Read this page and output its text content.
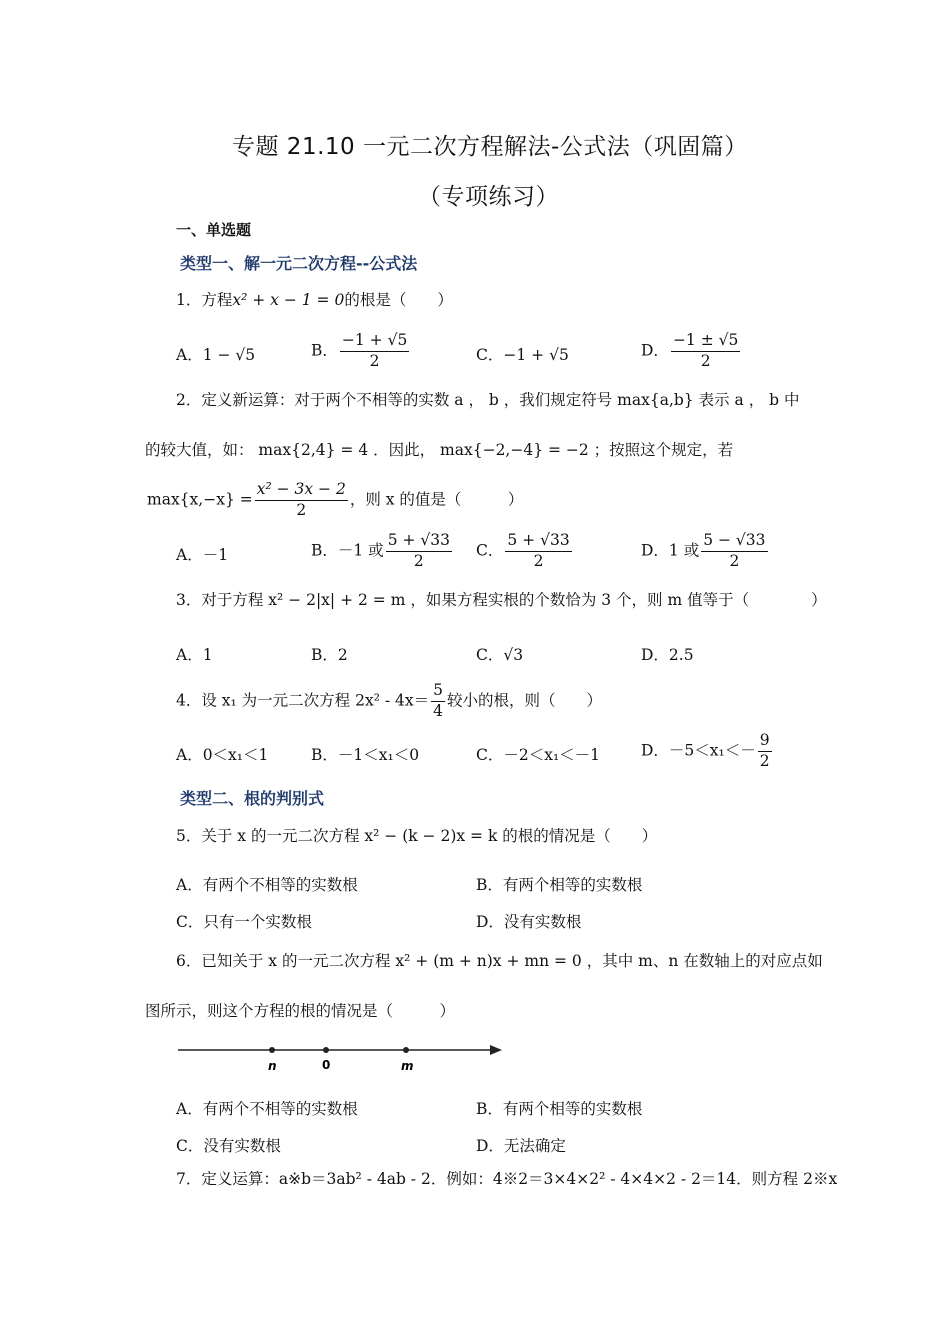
专题 21.10 一元二次方程解法-公式法（巩固篇）
（专项练习）
一、单选题
类型一、解一元二次方程--公式法
1．方程x² + x − 1 = 0的根是（　　）
A．1 − √5	B． $\frac{-1 + √5}{2}$	C．−1 + √5	D． $\frac{-1 \pm √5}{2}$
2．定义新运算：对于两个不相等的实数 a ， b ，我们规定符号 max{a,b} 表示 a ， b 中
的较大值，如： max{2,4} = 4 ．因此， max{−2,−4} = −2 ；按照这个规定，若
$\max\{x,-x\} = \frac{\text{x² − 3x − 2}}{2}$ ，则 x 的值是（　　　）
A．－1	B．－1 或 $\frac{5 + √33}{2}$ C． $\frac{5 + √33}{2}$	D．1 或 $\frac{5 - √33}{2}$
3．对于方程 x² − 2|x| + 2 = m ，如果方程实根的个数恰为 3 个，则 m 值等于（　　　　）
A．1	B．2	C．√3	D．2.5
4．设 x₁ 为一元二次方程 2x² ‑ $4x= \frac{5}{4}$ 较小的根，则（　　）
A．0＜x₁＜1	B．－1＜x₁＜0	C．－2＜x₁＜－1	D．$-5<x_1<- \frac{9}{2}$
类型二、根的判别式
5．关于 x 的一元二次方程 x² − (k − 2)x = k 的根的情况是（　　）
A．有两个不相等的实数根	B．有两个相等的实数根
C．只有一个实数根	D．没有实数根
6．已知关于 x 的一元二次方程 x² + (m + n)x + mn = 0 ，其中 m、n 在数轴上的对应点如
图所示，则这个方程的根的情况是（　　　）
n	0	m
A．有两个不相等的实数根	B．有两个相等的实数根
C．没有实数根	D．无法确定
7．定义运算：a※b＝3ab² ‑ 4ab ‑ 2．例如：4※2＝3×4×2² ‑ 4×4×2 ‑ 2＝14．则方程 2※x
